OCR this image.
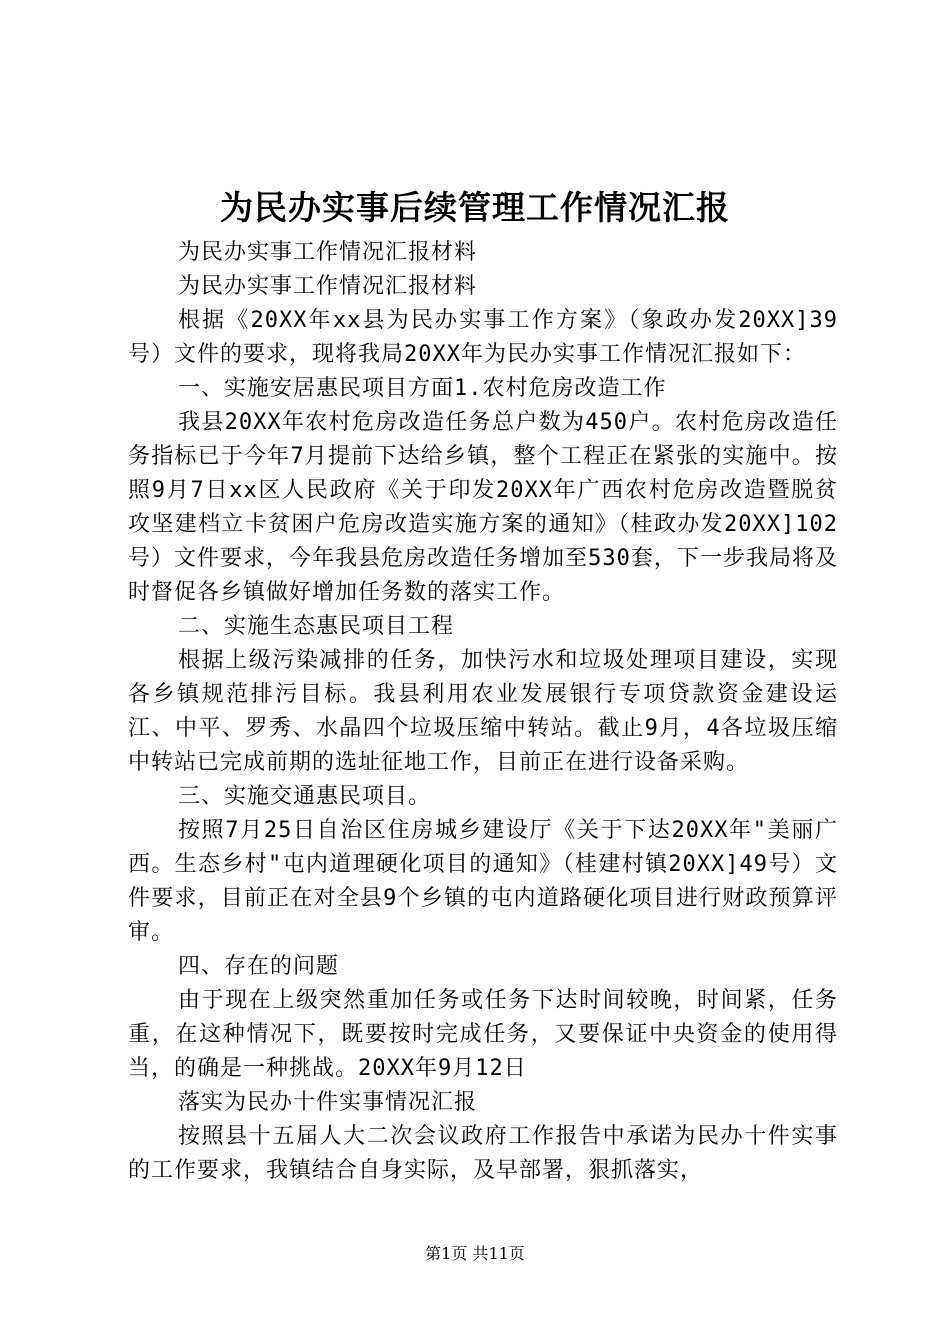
为民办实事后续管理工作情况汇报

为民办实事工作情况汇报材料

为民办实事工作情况汇报材料

根据《20XX年xx县为民办实事工作方案》（象政办发20XX]39号）文件的要求，现将我局20XX年为民办实事工作情况汇报如下：

一、实施安居惠民项目方面1.农村危房改造工作

我县20XX年农村危房改造任务总户数为450户。农村危房改造任务指标已于今年7月提前下达给乡镇，整个工程正在紧张的实施中。按照9月7日xx区人民政府《关于印发20XX年广西农村危房改造暨脱贫攻坚建档立卡贫困户危房改造实施方案的通知》（桂政办发20XX]102号）文件要求，今年我县危房改造任务增加至530套，下一步我局将及时督促各乡镇做好增加任务数的落实工作。

二、实施生态惠民项目工程

根据上级污染减排的任务，加快污水和垃圾处理项目建设，实现各乡镇规范排污目标。我县利用农业发展银行专项贷款资金建设运江、中平、罗秀、水晶四个垃圾压缩中转站。截止9月，4各垃圾压缩中转站已完成前期的选址征地工作，目前正在进行设备采购。

三、实施交通惠民项目。

按照7月25日自治区住房城乡建设厅《关于下达20XX年"美丽广西。生态乡村"屯内道理硬化项目的通知》（桂建村镇20XX]49号）文件要求，目前正在对全县9个乡镇的屯内道路硬化项目进行财政预算评审。

四、存在的问题

由于现在上级突然重加任务或任务下达时间较晚，时间紧，任务重，在这种情况下，既要按时完成任务，又要保证中央资金的使用得当，的确是一种挑战。20XX年9月12日

落实为民办十件实事情况汇报

按照县十五届人大二次会议政府工作报告中承诺为民办十件实事的工作要求，我镇结合自身实际，及早部署，狠抓落实，

第1页 共11页
